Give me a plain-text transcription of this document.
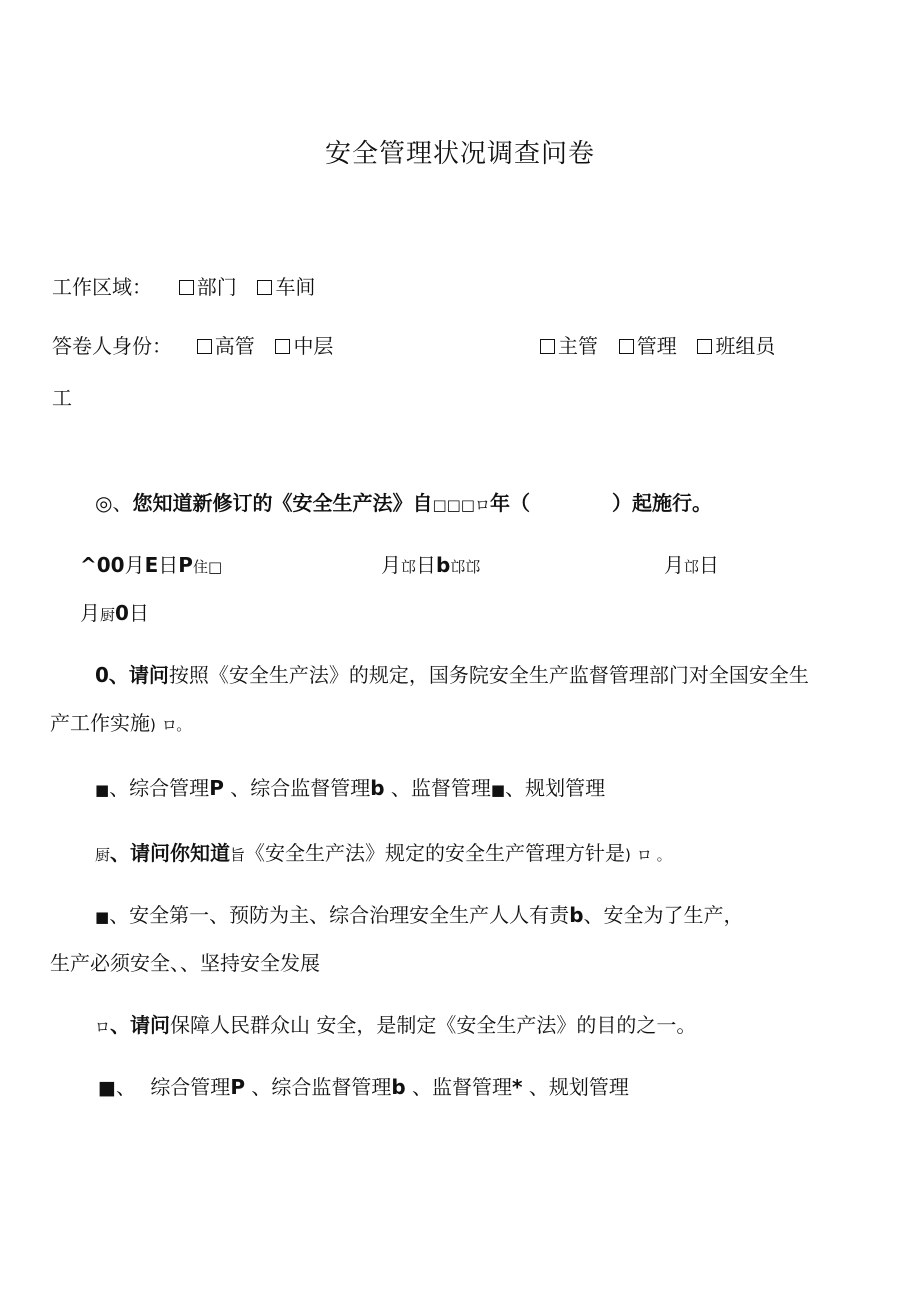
安全管理状况调查问卷
工作区域： 部门 车间
答卷人身份： 高管 中层	主管 管理 班组员
工
◎、您知道新修订的《安全生产法》自□□□ロ年（	）起施行。
^00月E日P住□	月邙日b邙邙	月邙日
月厨0日
0、请问按照《安全生产法》的规定，国务院安全生产监督管理部门对全国安全生
产工作实施) ロ。
■、综合管理P 、综合监督管理b 、监督管理■、规划管理
厨、请问你知道旨《安全生产法》规定的安全生产管理方针是) ロ 。
■、安全第一、预防为主、综合治理安全生产人人有责b、安全为了生产，
生产必须安全、、坚持安全发展
ロ、请问保障人民群众山 安全，是制定《安全生产法》的目的之一。
■、 综合管理P 、综合监督管理b 、监督管理* 、规划管理
